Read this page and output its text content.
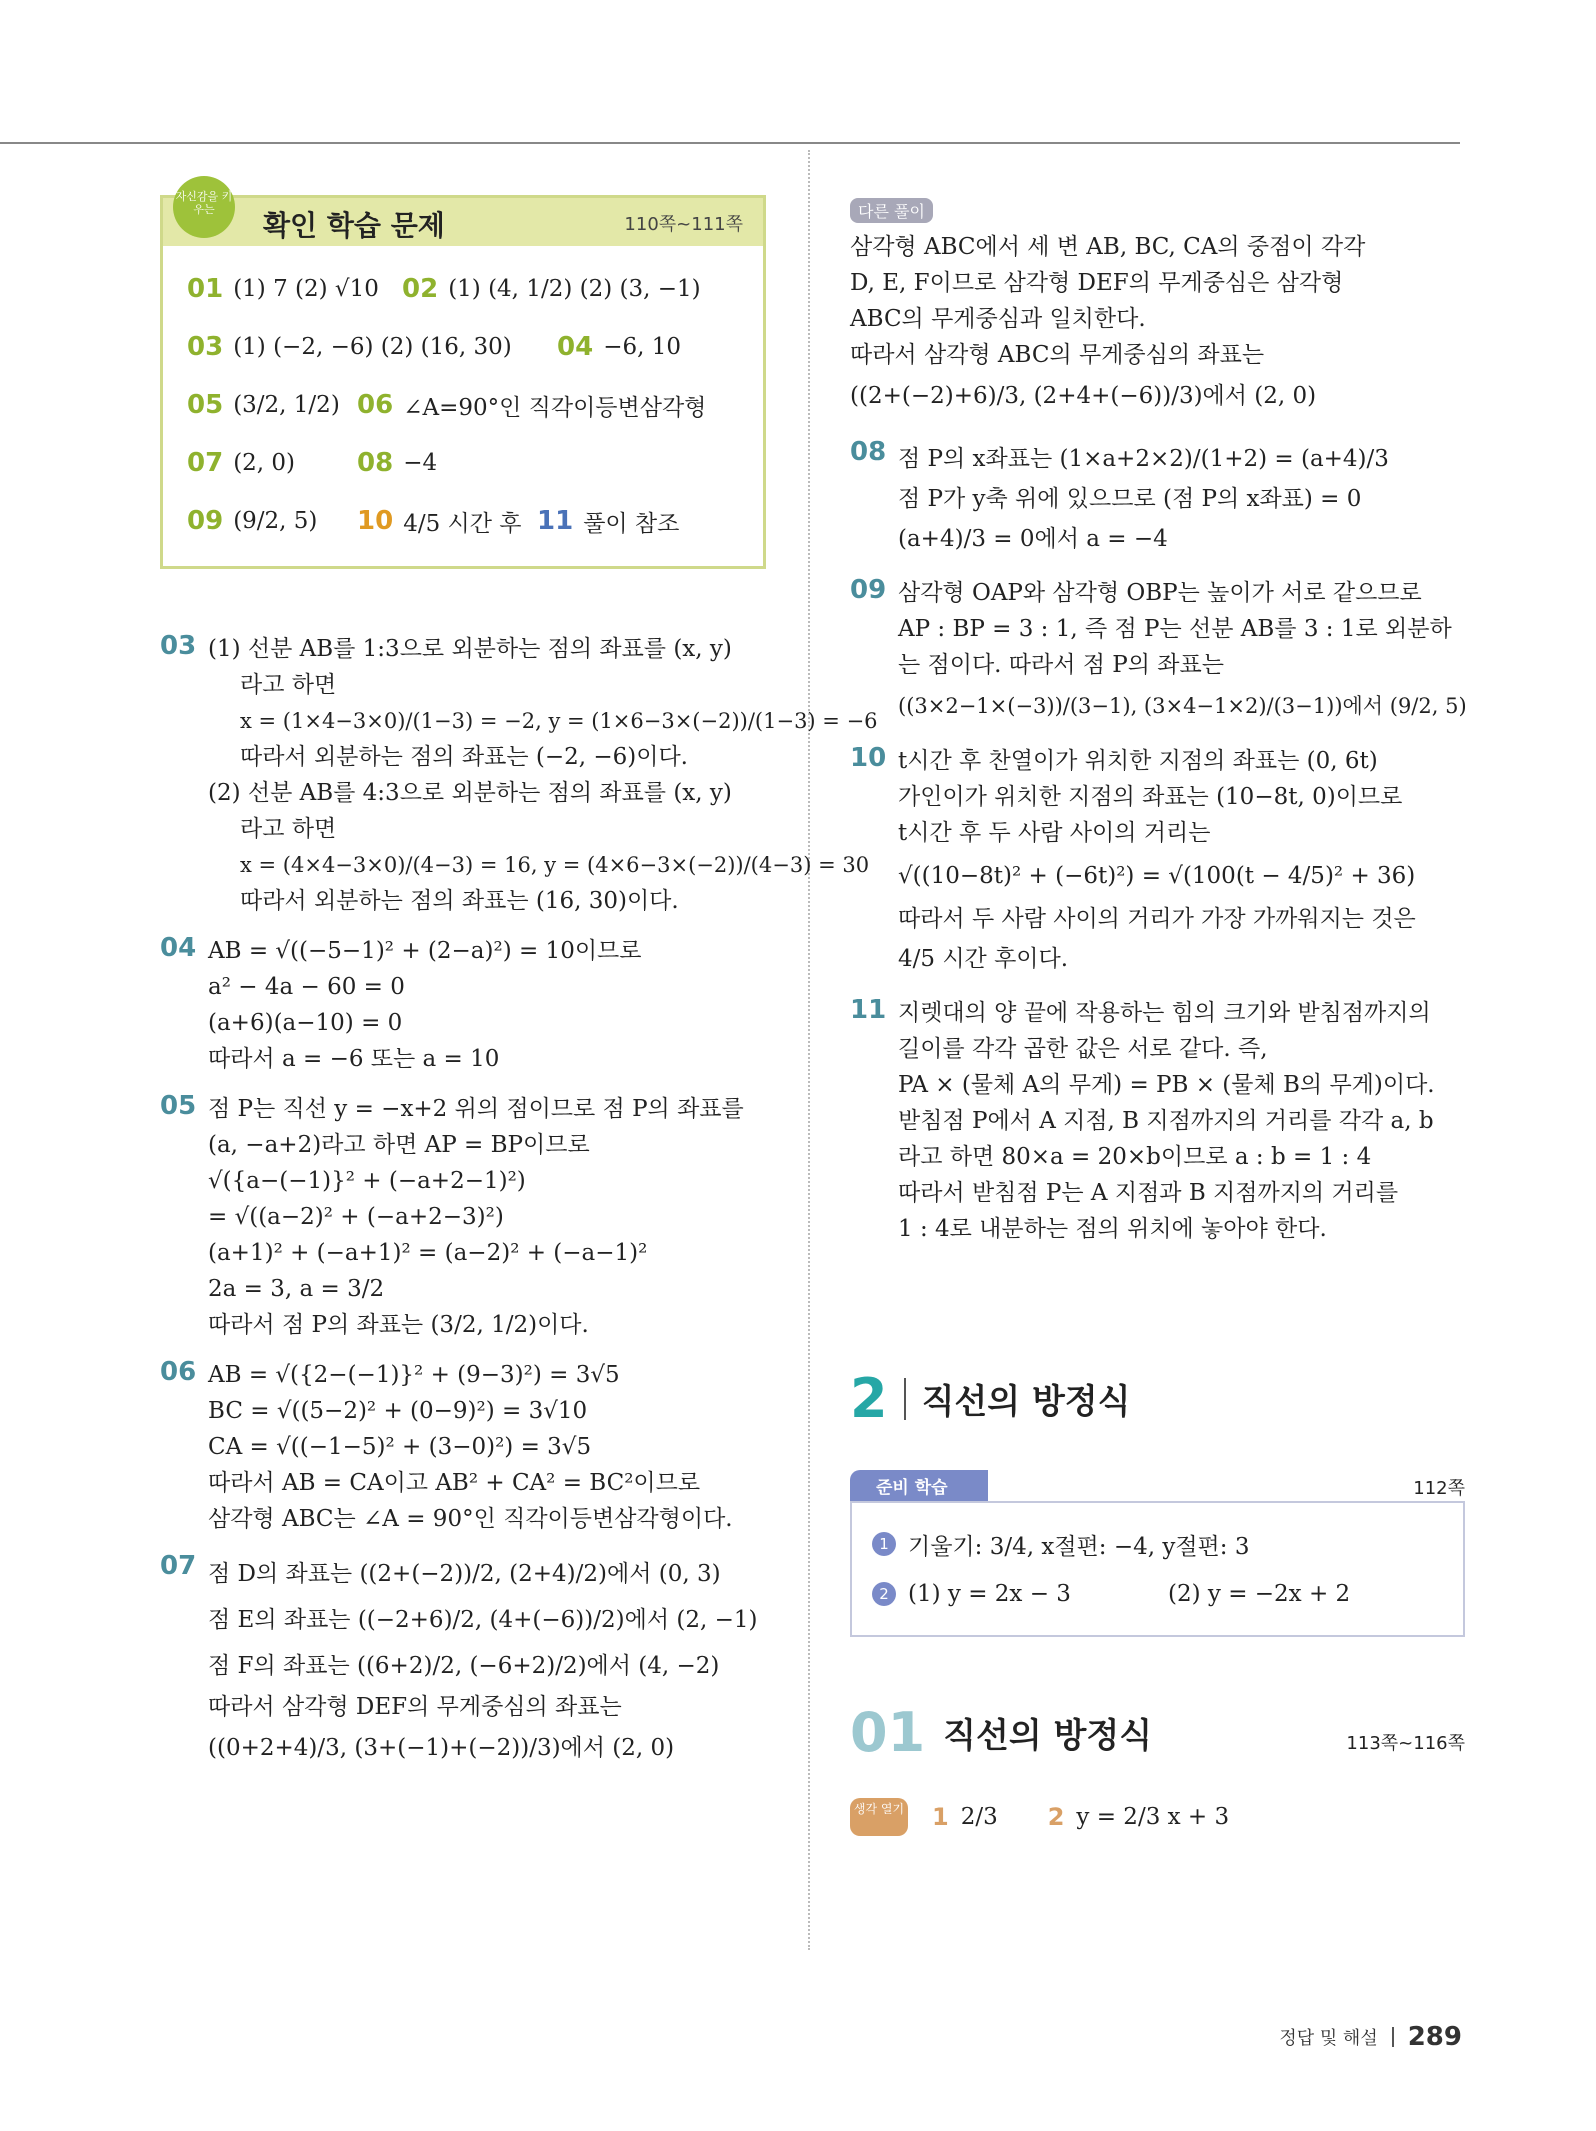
자신감을 키우는	확인 학습 문제	110쪽~111쪽
01 (1) 7 (2) √10 02 (1) (4, 1/2) (2) (3, −1)
03 (1) (−2, −6) (2) (16, 30) 04 −6, 10
05 (3/2, 1/2) 06 ∠A=90°인 직각이등변삼각형
07 (2, 0) 08 −4
09 (9/2, 5) 10 4/5 시간 후 11 풀이 참조
03 (1) 선분 AB를 1:3으로 외분하는 점의 좌표를 (x, y)
라고 하면
x = (1×4−3×0)/(1−3) = −2, y = (1×6−3×(−2))/(1−3) = −6
따라서 외분하는 점의 좌표는 (−2, −6)이다.
(2) 선분 AB를 4:3으로 외분하는 점의 좌표를 (x, y)
라고 하면
x = (4×4−3×0)/(4−3) = 16, y = (4×6−3×(−2))/(4−3) = 30
따라서 외분하는 점의 좌표는 (16, 30)이다.
04 AB = √((−5−1)² + (2−a)²) = 10이므로
a² − 4a − 60 = 0
(a+6)(a−10) = 0
따라서 a = −6 또는 a = 10
05 점 P는 직선 y = −x+2 위의 점이므로 점 P의 좌표를
(a, −a+2)라고 하면 AP = BP이므로
√({a−(−1)}² + (−a+2−1)²)
= √((a−2)² + (−a+2−3)²)
(a+1)² + (−a+1)² = (a−2)² + (−a−1)²
2a = 3, a = 3/2
따라서 점 P의 좌표는 (3/2, 1/2)이다.
06 AB = √({2−(−1)}² + (9−3)²) = 3√5
BC = √((5−2)² + (0−9)²) = 3√10
CA = √((−1−5)² + (3−0)²) = 3√5
따라서 AB = CA이고 AB² + CA² = BC²이므로
삼각형 ABC는 ∠A = 90°인 직각이등변삼각형이다.
07 점 D의 좌표는 ((2+(−2))/2, (2+4)/2)에서 (0, 3)
점 E의 좌표는 ((−2+6)/2, (4+(−6))/2)에서 (2, −1)
점 F의 좌표는 ((6+2)/2, (−6+2)/2)에서 (4, −2)
따라서 삼각형 DEF의 무게중심의 좌표는
((0+2+4)/3, (3+(−1)+(−2))/3)에서 (2, 0)
다른 풀이
삼각형 ABC에서 세 변 AB, BC, CA의 중점이 각각
D, E, F이므로 삼각형 DEF의 무게중심은 삼각형
ABC의 무게중심과 일치한다.
따라서 삼각형 ABC의 무게중심의 좌표는
((2+(−2)+6)/3, (2+4+(−6))/3)에서 (2, 0)
08 점 P의 x좌표는 (1×a+2×2)/(1+2) = (a+4)/3
점 P가 y축 위에 있으므로 (점 P의 x좌표) = 0
(a+4)/3 = 0에서 a = −4
09 삼각형 OAP와 삼각형 OBP는 높이가 서로 같으므로
AP : BP = 3 : 1, 즉 점 P는 선분 AB를 3 : 1로 외분하
는 점이다. 따라서 점 P의 좌표는
((3×2−1×(−3))/(3−1), (3×4−1×2)/(3−1))에서 (9/2, 5)
10 t시간 후 찬열이가 위치한 지점의 좌표는 (0, 6t)
가인이가 위치한 지점의 좌표는 (10−8t, 0)이므로
t시간 후 두 사람 사이의 거리는
√((10−8t)² + (−6t)²) = √(100(t − 4/5)² + 36)
따라서 두 사람 사이의 거리가 가장 가까워지는 것은
4/5 시간 후이다.
11 지렛대의 양 끝에 작용하는 힘의 크기와 받침점까지의
길이를 각각 곱한 값은 서로 같다. 즉,
PA × (물체 A의 무게) = PB × (물체 B의 무게)이다.
받침점 P에서 A 지점, B 지점까지의 거리를 각각 a, b
라고 하면 80×a = 20×b이므로 a : b = 1 : 4
따라서 받침점 P는 A 지점과 B 지점까지의 거리를
1 : 4로 내분하는 점의 위치에 놓아야 한다.
2 직선의 방정식
준비 학습	112쪽
1 기울기: 3/4, x절편: −4, y절편: 3
2 (1) y = 2x − 3	(2) y = −2x + 2
01 직선의 방정식	113쪽~116쪽
생각 열기 1 2/3 2 y = 2/3 x + 3
정답 및 해설 289
